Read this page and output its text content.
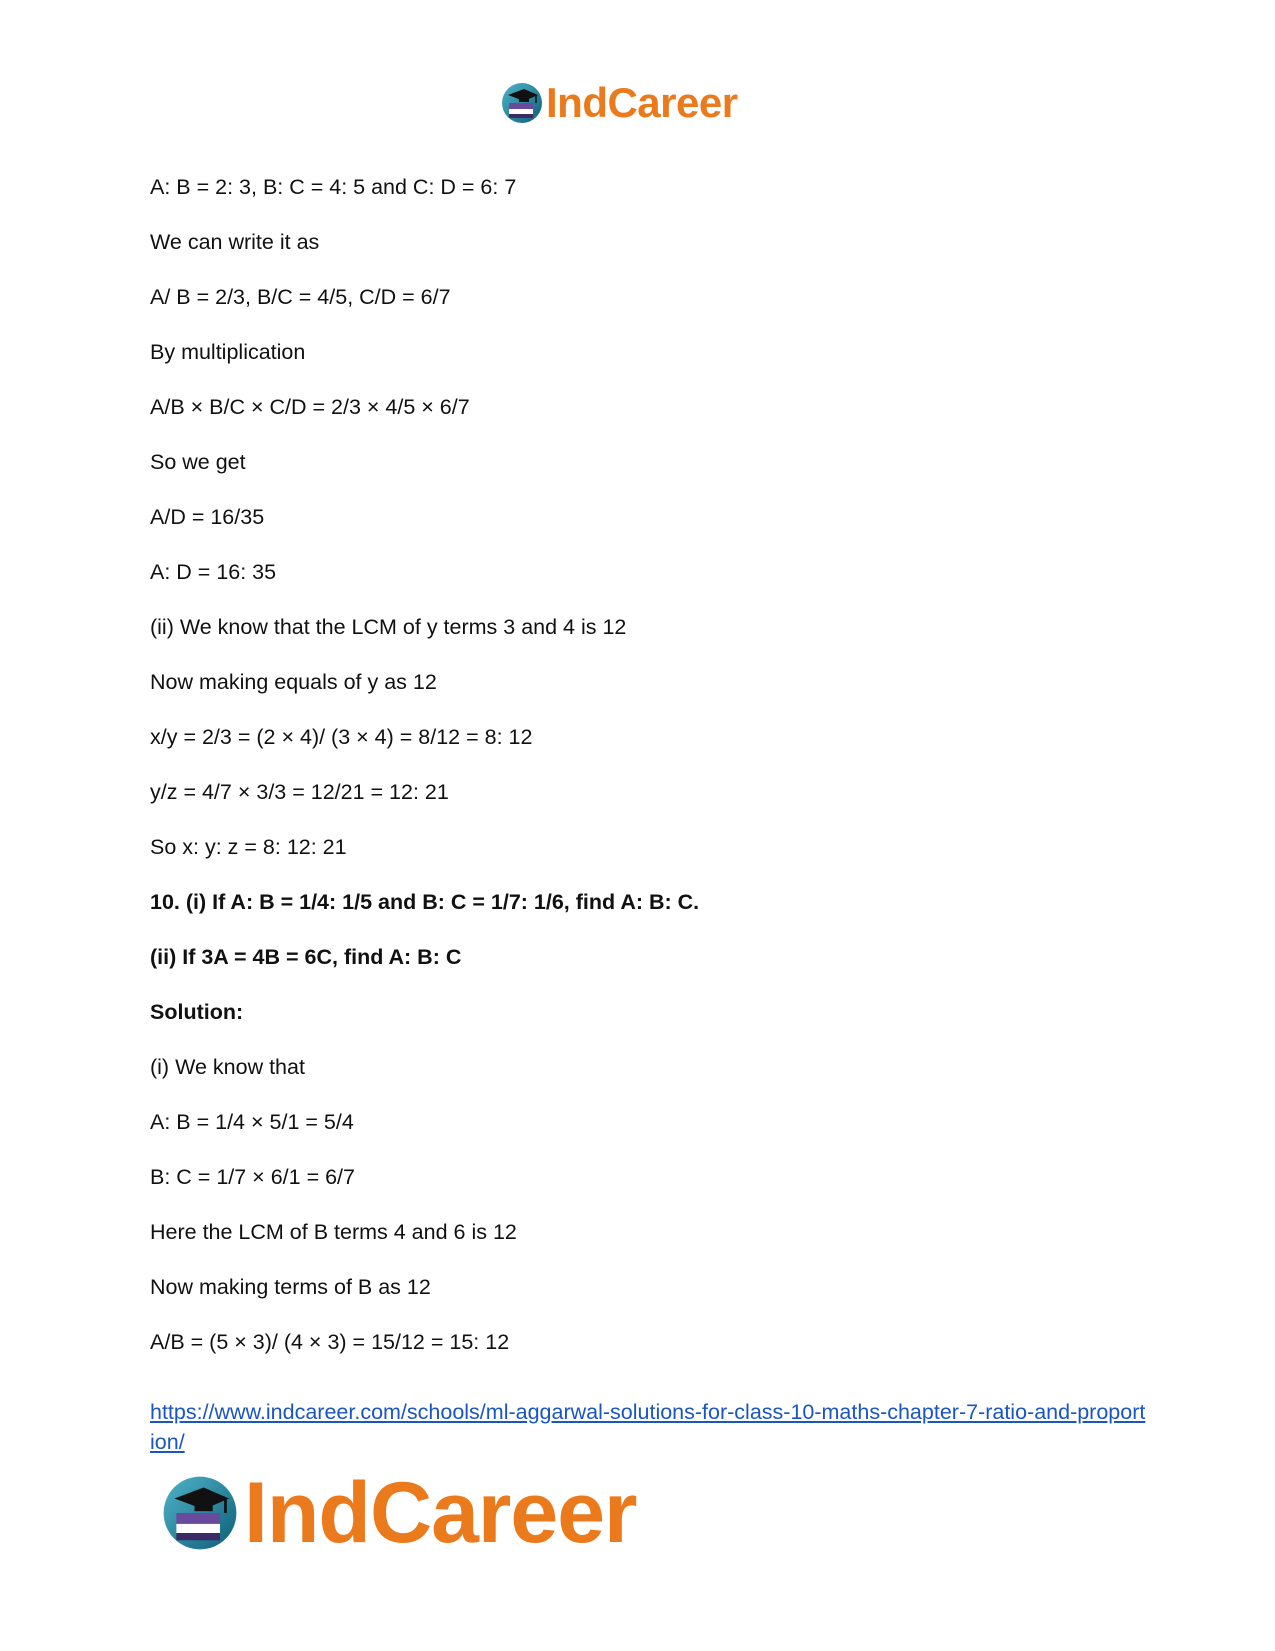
IndCareer
A: B = 2: 3, B: C = 4: 5 and C: D = 6: 7
We can write it as
A/ B = 2/3, B/C = 4/5, C/D = 6/7
By multiplication
A/B × B/C × C/D = 2/3 × 4/5 × 6/7
So we get
A/D = 16/35
A: D = 16: 35
(ii) We know that the LCM of y terms 3 and 4 is 12
Now making equals of y as 12
x/y = 2/3 = (2 × 4)/ (3 × 4) = 8/12 = 8: 12
y/z = 4/7 × 3/3 = 12/21 = 12: 21
So x: y: z = 8: 12: 21
10. (i) If A: B = 1/4: 1/5 and B: C = 1/7: 1/6, find A: B: C.
(ii) If 3A = 4B = 6C, find A: B: C
Solution:
(i) We know that
A: B = 1/4 × 5/1 = 5/4
B: C = 1/7 × 6/1 = 6/7
Here the LCM of B terms 4 and 6 is 12
Now making terms of B as 12
A/B = (5 × 3)/ (4 × 3) = 15/12 = 15: 12
https://www.indcareer.com/schools/ml-aggarwal-solutions-for-class-10-maths-chapter-7-ratio-and-proportion/
IndCareer
